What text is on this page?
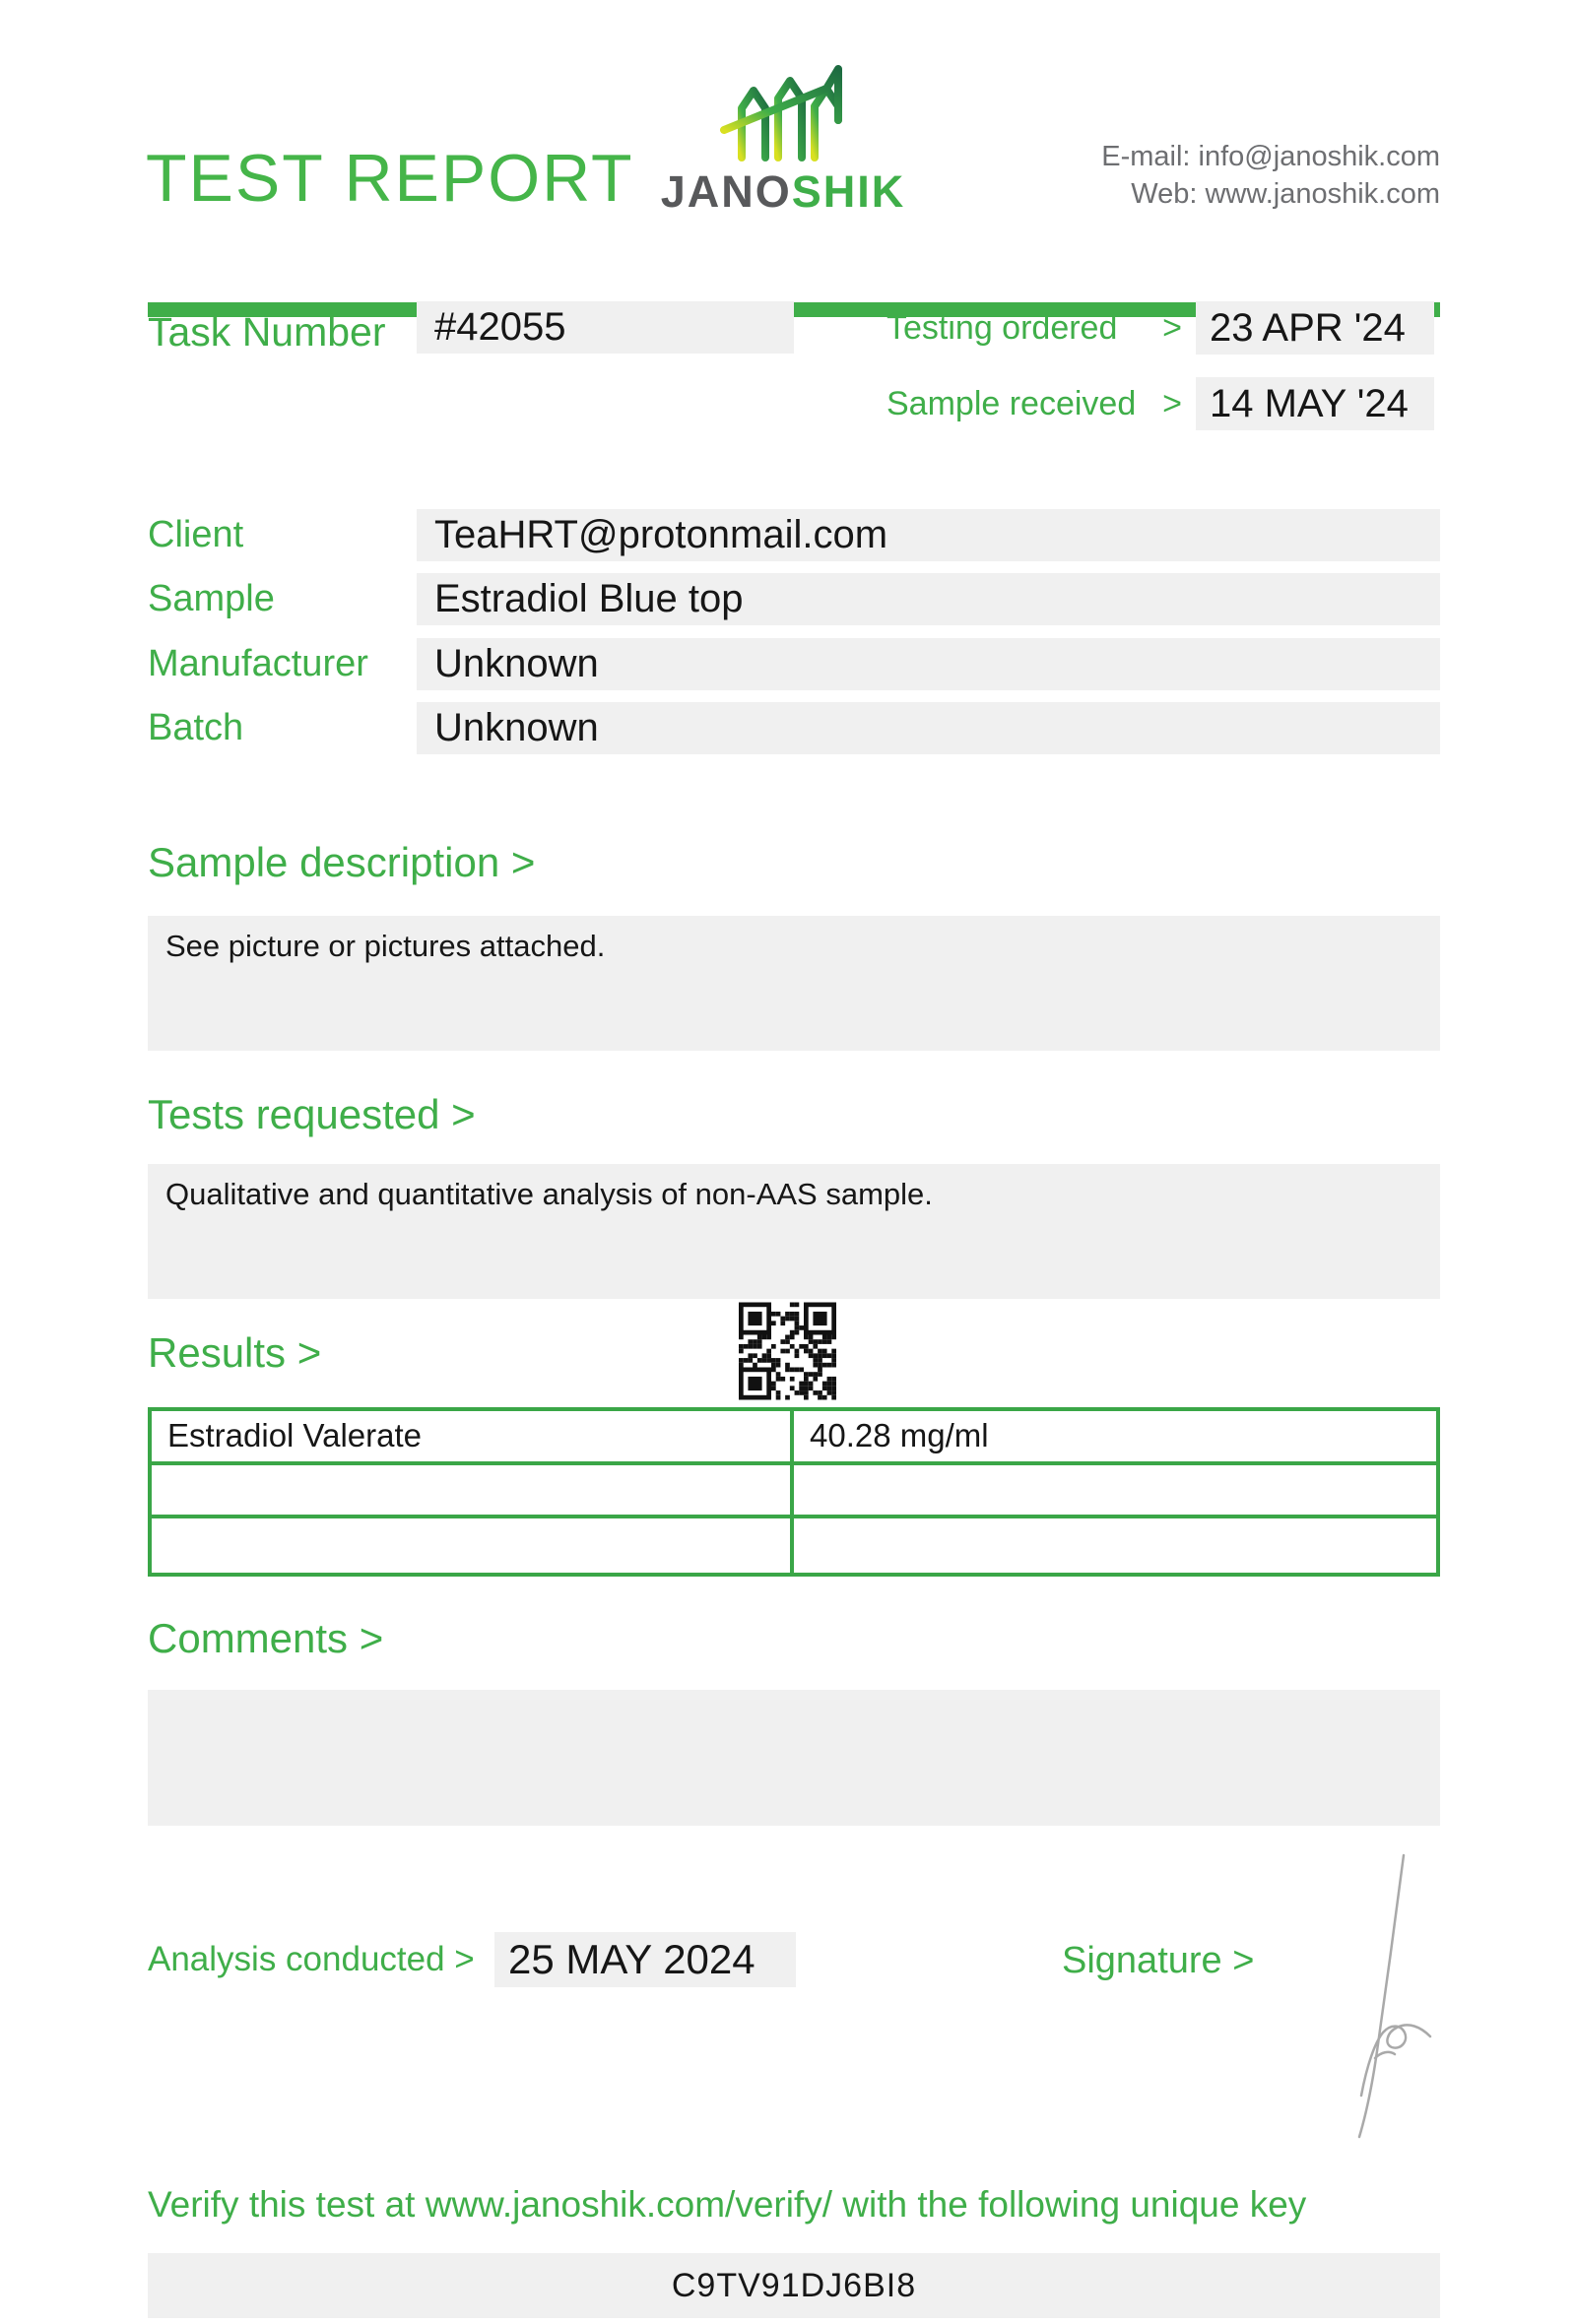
TEST REPORT JANOSHIK
E-mail: info@janoshik.com
Web: www.janoshik.com
Task Number	#42055	Testing ordered > 23 APR '24
Sample received > 14 MAY '24
Client	TeaHRT@protonmail.com
Sample	Estradiol Blue top
Manufacturer	Unknown
Batch	Unknown
Sample description >
See picture or pictures attached.
Tests requested >
Qualitative and quantitative analysis of non-AAS sample.
Results >
Estradiol Valerate	40.28 mg/ml
Comments >
Analysis conducted > 25 MAY 2024	Signature >
Verify this test at www.janoshik.com/verify/ with the following unique key
C9TV91DJ6BI8
